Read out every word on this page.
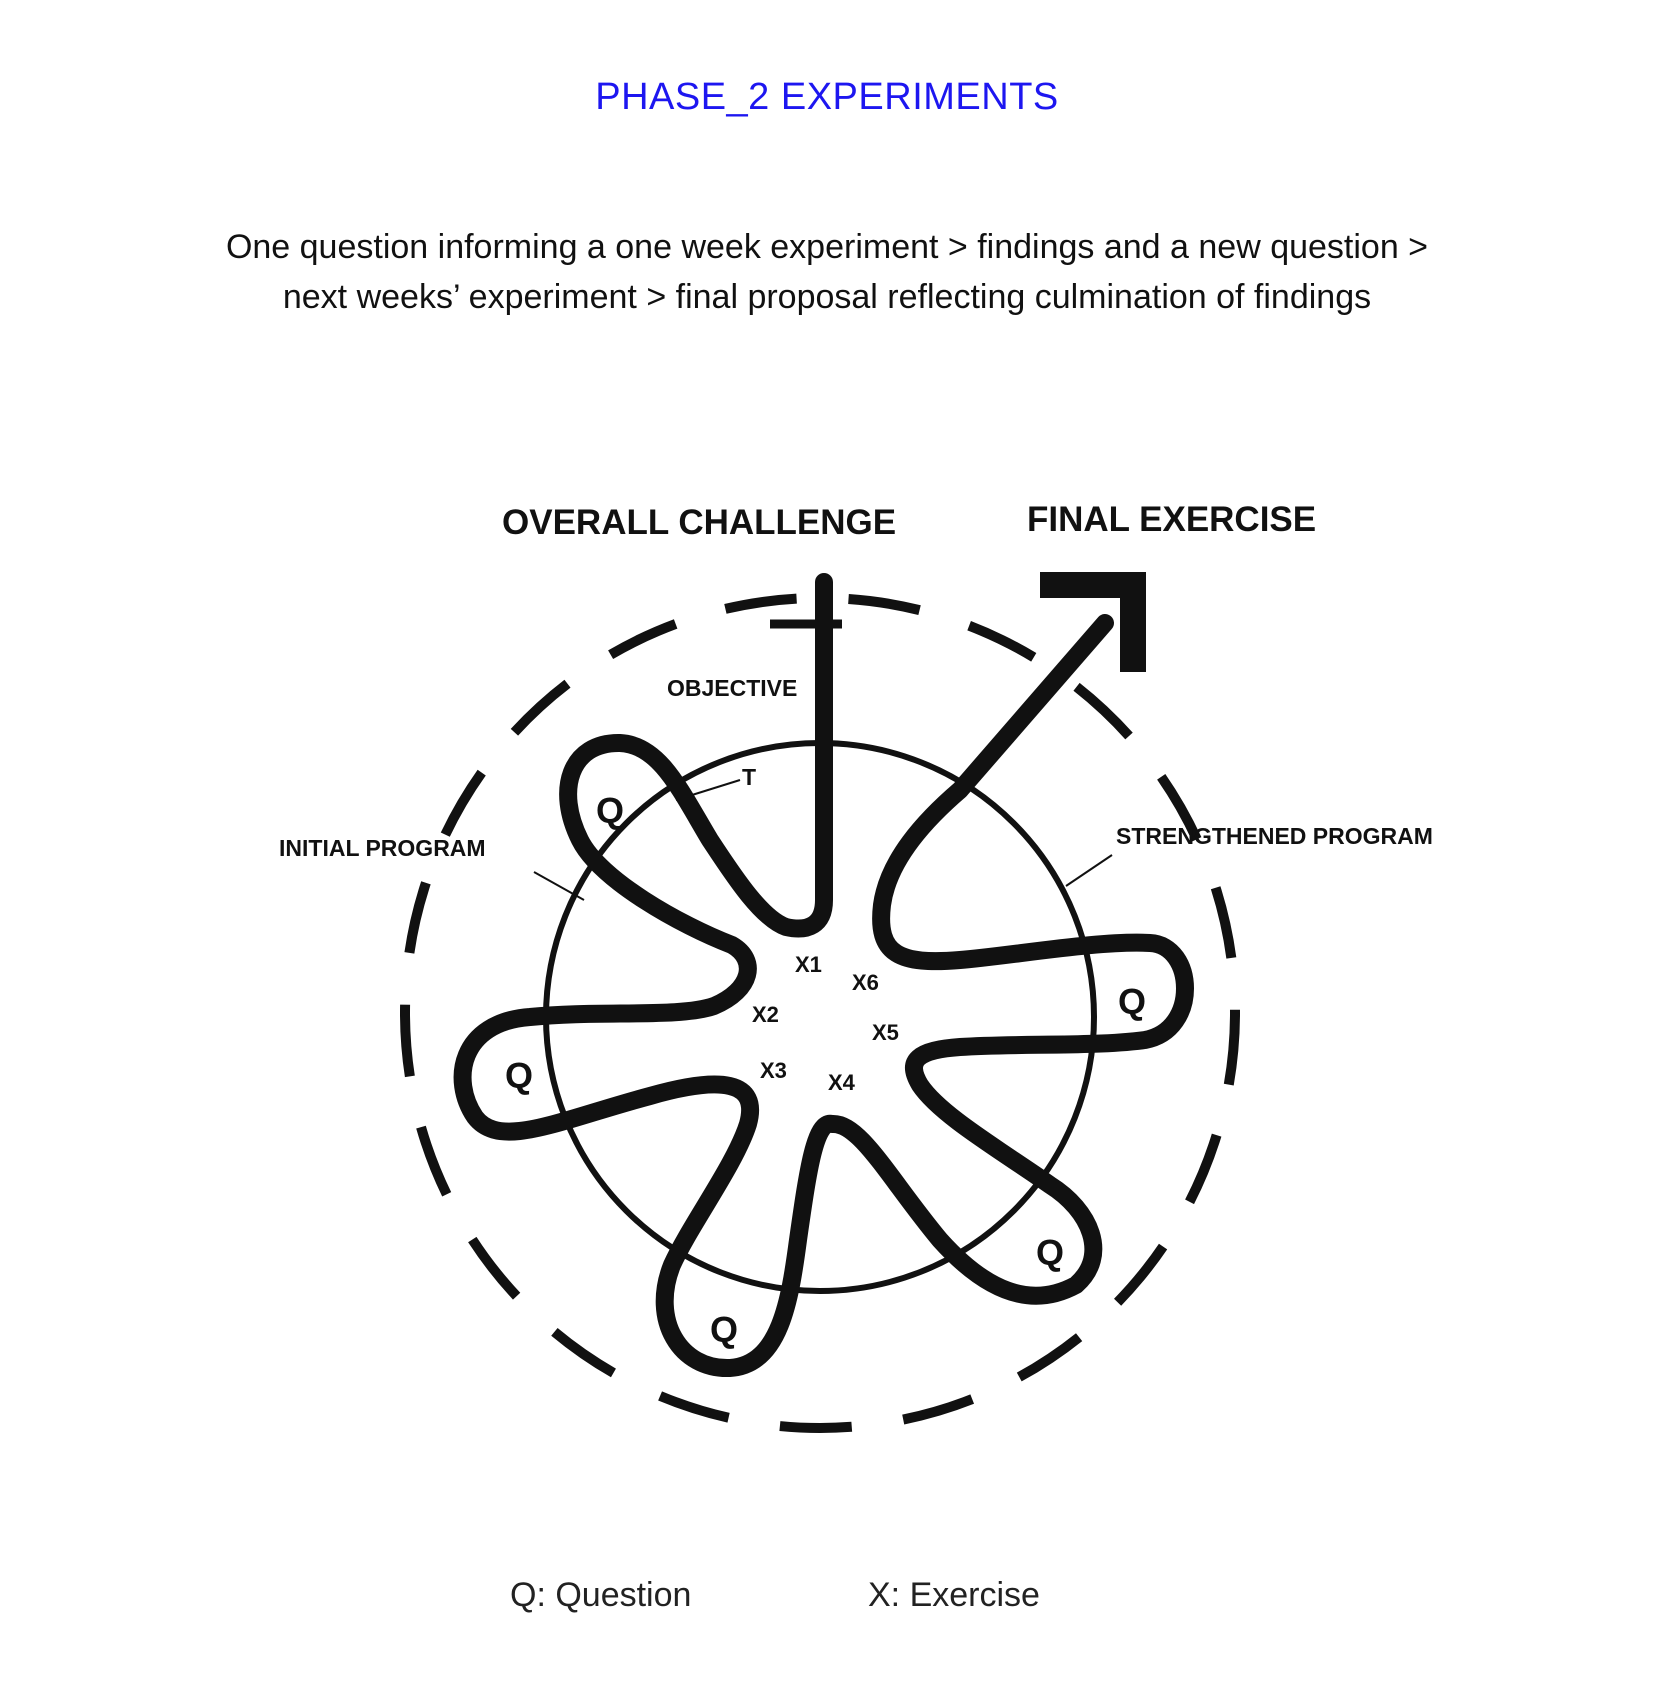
PHASE_2 EXPERIMENTS
One question informing a one week experiment > findings and a new question >
next weeks’ experiment > final proposal reflecting culmination of findings
OVERALL CHALLENGE	FINAL EXERCISE
OBJECTIVE
T
INITIAL PROGRAM	STRENGTHENED PROGRAM
Q
Q
Q
Q
Q
X1
X2
X3 X4
X5
X6
Q: Question	X: Exercise
